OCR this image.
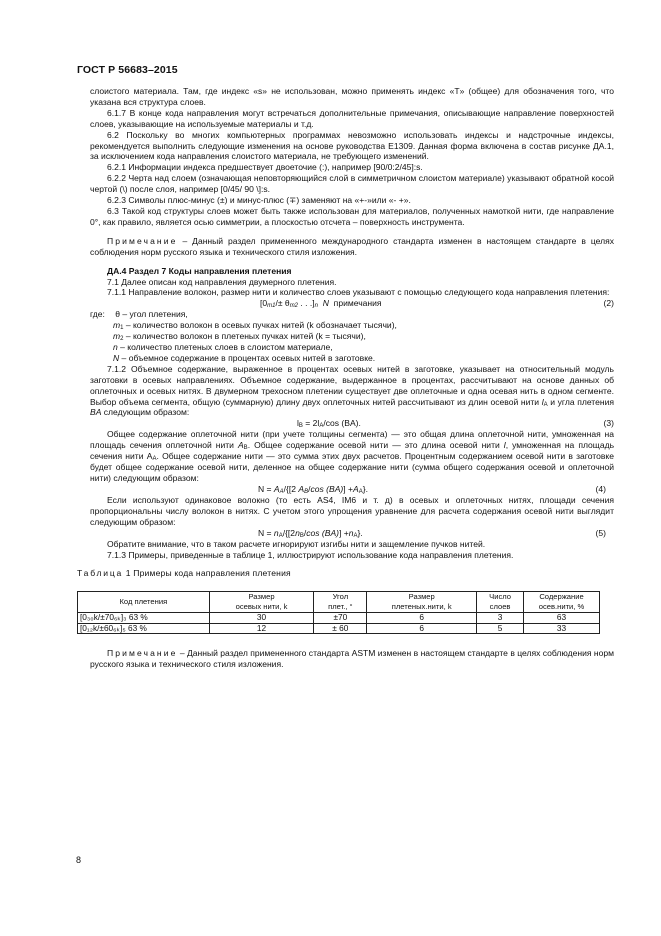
ГОСТ Р 56683–2015

слоистого материала. Там, где индекс «s» не использован, можно применять индекс «T» (общее) для обозначения того, что указана вся структура слоев.

6.1.7 В конце кода направления могут встречаться дополнительные примечания, описывающие направление поверхностей слоев, указывающие на используемые материалы и т.д.

6.2 Поскольку во многих компьютерных программах невозможно использовать индексы и надстрочные индексы, рекомендуется выполнить следующие изменения на основе руководства E1309. Данная форма включена в состав рисунке ДА.1, за исключением кода направления слоистого материала, не требующего изменений.

6.2.1 Информации индекса предшествует двоеточие (:), например [90/0:2/45]:s.

6.2.2 Черта над слоем (означающая неповторяющийся слой в симметричном слоистом материале) указывают обратной косой чертой (\) после слоя, например [0/45/ 90 \]:s.

6.2.3 Символы плюс-минус (±) и минус-плюс (∓) заменяют на «+-»или «- +».

6.3 Такой код структуры слоев может быть также использован для материалов, полученных намоткой нити, где направление 0°, как правило, является осью симметрии, а плоскостью отсчета – поверхность инструмента.

Примечание – Данный раздел примененного международного стандарта изменен в настоящем стандарте в целях соблюдения норм русского языка и технического стиля изложения.

ДА.4 Раздел 7 Коды направления плетения

7.1 Далее описан код направления двумерного плетения.

7.1.1 Направление волокон, размер нити и количество слоев указывают с помощью следующего кода направления плетения:

[$0_{m1}/\pm \theta_{m2}$ . . $.]_n$ N  примечания	(2)
где: θ – угол плетения,
$m_1$ – количество волокон в осевых пучках нитей (k обозначает тысячи),
$m_2$ – количество волокон в плетеных пучках нитей (k = тысячи),
n – количество плетеных слоев в слоистом материале,
N – объемное содержание в процентах осевых нитей в заготовке.

7.1.2 Объемное содержание, выраженное в процентах осевых нитей в заготовке, указывает на относительный модуль заготовки в осевых направлениях. Объемное содержание, выдержанное в процентах, рассчитывают на основе данных об оплеточных и осевых нитях. В двумерном трехосном плетении существует две оплеточные и одна осевая нить в одном сегменте. Выбор объема сегмента, общую (суммарную) длину двух оплеточных нитей рассчитывают из длин осевой нити $l_A$ и угла плетения BA следующим образом:

$l_B = 2l_A/\cos$ (BA).	(3)

Общее содержание оплеточной нити (при учете толщины сегмента) — это общая длина оплеточной нити, умноженная на площадь сечения оплеточной нити $A_B$. Общее содержание осевой нити — это длина осевой нити l, умноженная на площадь сечения нити $A_A$. Общее содержание нити — это сумма этих двух расчетов. Процентным содержанием осевой нити в заготовке будет общее содержание осевой нити, деленное на общее содержание нити (сумма общего содержания осевой и оплеточной нити) следующим образом:

$N = A_A/\{[2$ $A_B/\cos$ $(BA)] +A_A$}.	(4)

Если используют одинаковое волокно (то есть AS4, IM6 и т. д) в осевых и оплеточных нитях, площади сечения пропорциональны числу волокон в нитях. С учетом этого упрощения уравнение для расчета содержания осевой нити выглядит следующим образом:

$N = n_A/\{[2n_B/\cos$ $(BA)] +n_A$}.	(5)

Обратите внимание, что в таком расчете игнорируют изгибы нити и защемление пучков нитей.

7.1.3 Примеры, приведенные в таблице 1, иллюстрируют использование кода направления плетения.

Таблица 1 Примеры кода направления плетения

Код плетения	Размер	Угол	Размер	Число	Содержание
	осевых нити, k	плет., °	плетеных.нити, k	слоев	осев.нити, %
[0₃₀k/±70₆ₖ]₃ 63 %	30	±70	6	3	63
[0₁₂k/±60₆ₖ]₅ 63 %	12	± 60	6	5	33

Примечание – Данный раздел примененного стандарта ASTM изменен в настоящем стандарте в целях соблюдения норм русского языка и технического стиля изложения.

8
